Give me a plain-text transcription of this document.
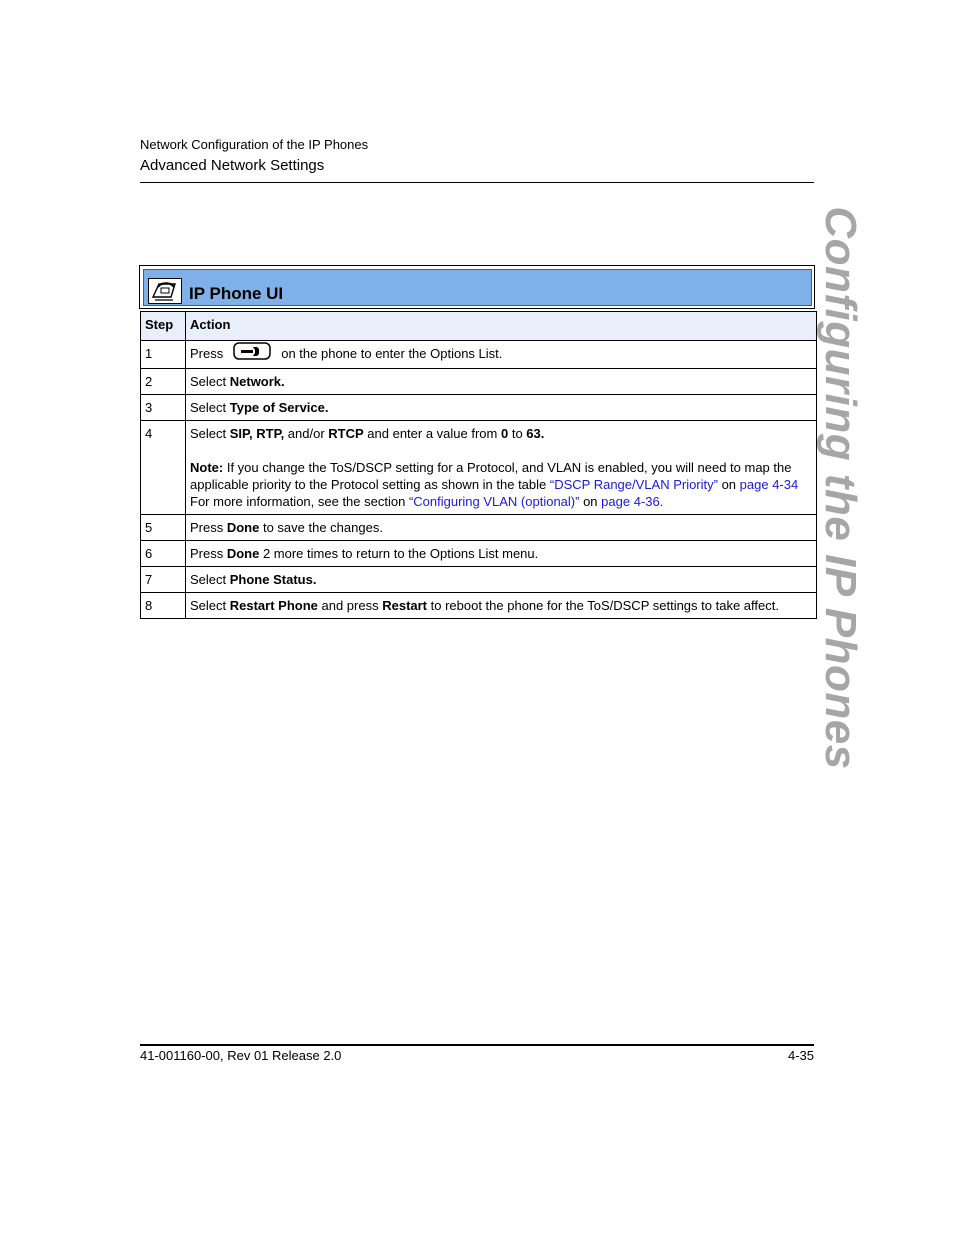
Network Configuration of the IP Phones
Advanced Network Settings
Configuring the IP Phones
IP Phone UI
Step	Action
1	Press on the phone to enter the Options List.
2	Select Network.
3	Select Type of Service.
4	Select SIP, RTP, and/or RTCP and enter a value from 0 to 63.
Note: If you change the ToS/DSCP setting for a Protocol, and VLAN is enabled, you will need to map the applicable priority to the Protocol setting as shown in the table “DSCP Range/VLAN Priority” on page 4-34 For more information, see the section “Configuring VLAN (optional)” on page 4-36.

5	Press Done to save the changes.
6	Press Done 2 more times to return to the Options List menu.
7	Select Phone Status.
8	Select Restart Phone and press Restart to reboot the phone for the ToS/DSCP settings to take affect.
41-001160-00, Rev 01 Release 2.0	4-35
